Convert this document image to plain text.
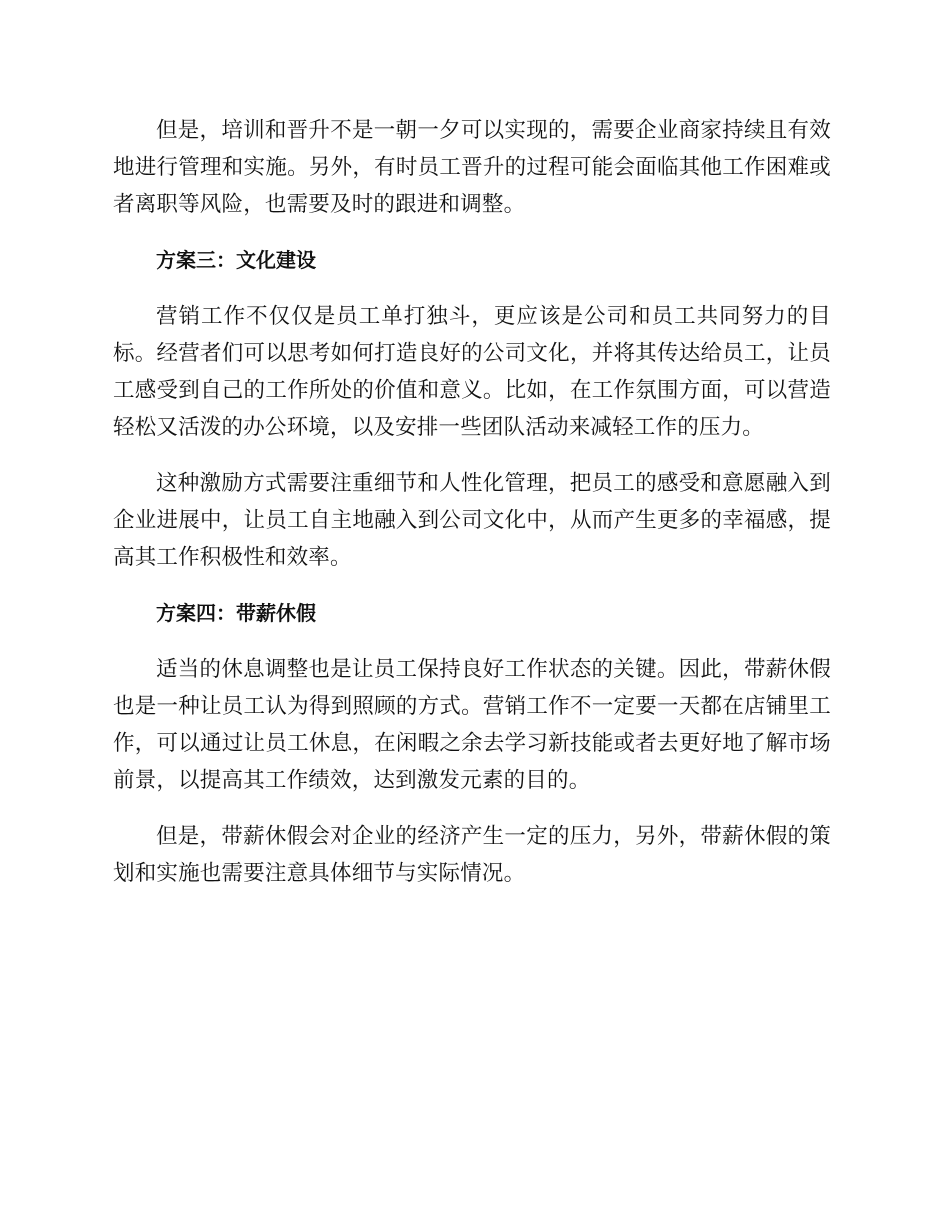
但是，培训和晋升不是一朝一夕可以实现的，需要企业商家持续且有效地进行管理和实施。另外，有时员工晋升的过程可能会面临其他工作困难或者离职等风险，也需要及时的跟进和调整。

方案三：文化建设

营销工作不仅仅是员工单打独斗，更应该是公司和员工共同努力的目标。经营者们可以思考如何打造良好的公司文化，并将其传达给员工，让员工感受到自己的工作所处的价值和意义。比如，在工作氛围方面，可以营造轻松又活泼的办公环境，以及安排一些团队活动来减轻工作的压力。

这种激励方式需要注重细节和人性化管理，把员工的感受和意愿融入到企业进展中，让员工自主地融入到公司文化中，从而产生更多的幸福感，提高其工作积极性和效率。

方案四：带薪休假

适当的休息调整也是让员工保持良好工作状态的关键。因此，带薪休假也是一种让员工认为得到照顾的方式。营销工作不一定要一天都在店铺里工作，可以通过让员工休息，在闲暇之余去学习新技能或者去更好地了解市场前景，以提高其工作绩效，达到激发元素的目的。

但是，带薪休假会对企业的经济产生一定的压力，另外，带薪休假的策划和实施也需要注意具体细节与实际情况。
